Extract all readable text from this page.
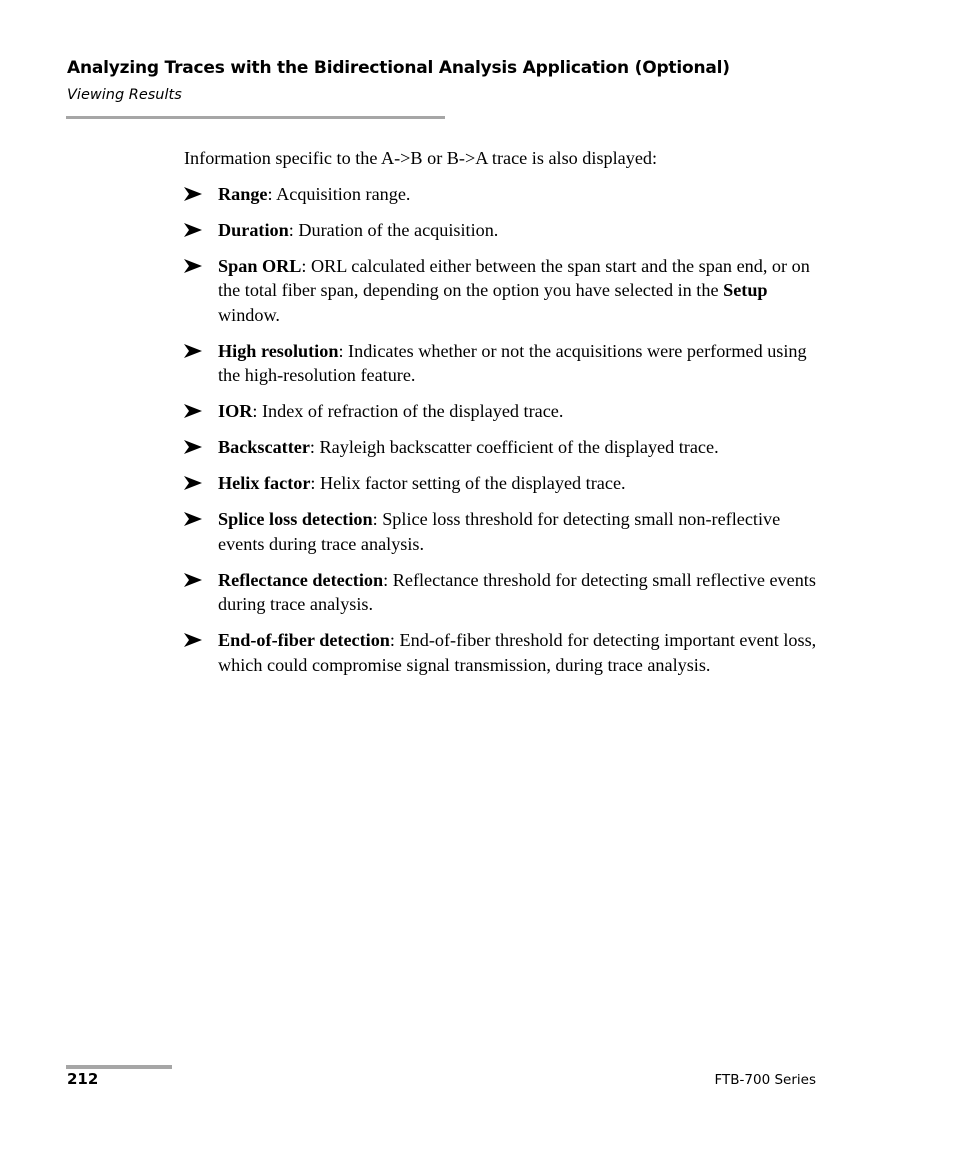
Analyzing Traces with the Bidirectional Analysis Application (Optional)
Viewing Results

Information specific to the A->B or B->A trace is also displayed:

Range: Acquisition range.
Duration: Duration of the acquisition.
Span ORL: ORL calculated either between the span start and the span end, or on the total fiber span, depending on the option you have selected in the Setup window.
High resolution: Indicates whether or not the acquisitions were performed using the high-resolution feature.
IOR: Index of refraction of the displayed trace.
Backscatter: Rayleigh backscatter coefficient of the displayed trace.
Helix factor: Helix factor setting of the displayed trace.
Splice loss detection: Splice loss threshold for detecting small non-reflective events during trace analysis.
Reflectance detection: Reflectance threshold for detecting small reflective events during trace analysis.
End-of-fiber detection: End-of-fiber threshold for detecting important event loss, which could compromise signal transmission, during trace analysis.
212	FTB-700 Series
